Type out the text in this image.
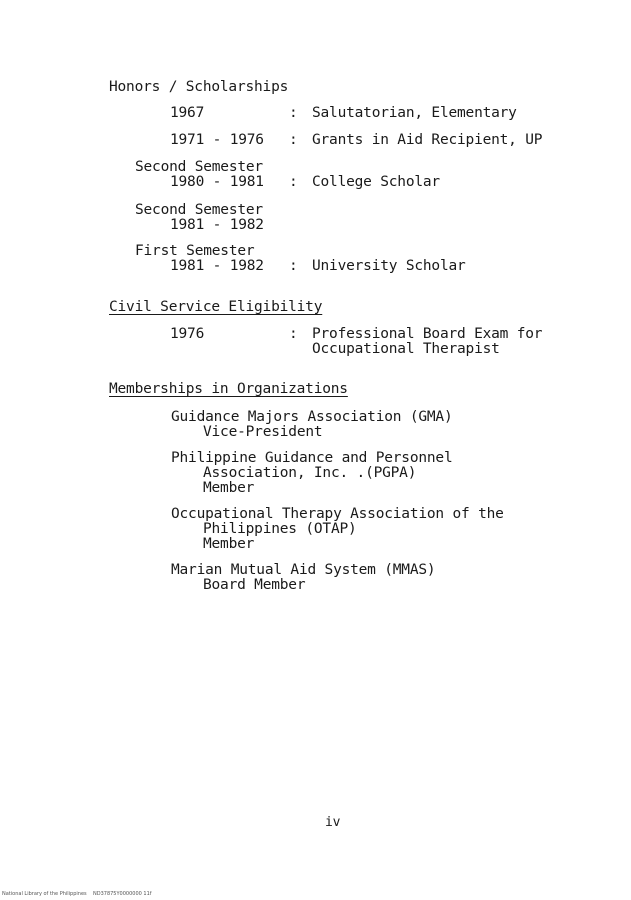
Honors / Scholarships
1967	: Salutatorian, Elementary
1971 - 1976 : Grants in Aid Recipient, UP
Second Semester
1980 - 1981 : College Scholar
Second Semester
1981 - 1982
First Semester
1981 - 1982 : University Scholar
Civil Service Eligibility
1976	: Professional Board Exam for
Occupational Therapist
Memberships in Organizations
Guidance Majors Association (GMA)
Vice-President
Philippine Guidance and Personnel
Association, Inc. .(PGPA)
Member
Occupational Therapy Association of the
Philippines (OTAP)
Member
Marian Mutual Aid System (MMAS)
Board Member
iv
National Library of the Philippines    ND37875Y0000000 11f
